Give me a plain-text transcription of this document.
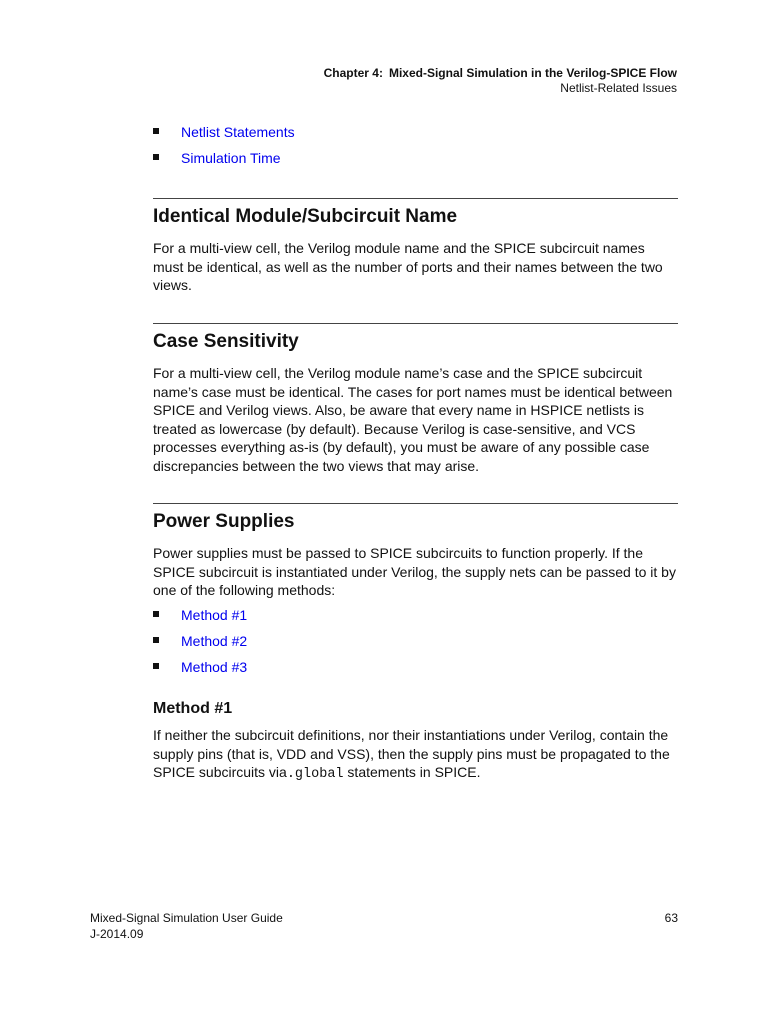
Chapter 4: Mixed-Signal Simulation in the Verilog-SPICE Flow
Netlist-Related Issues
Netlist Statements
Simulation Time
Identical Module/Subcircuit Name

For a multi-view cell, the Verilog module name and the SPICE subcircuit names must be identical, as well as the number of ports and their names between the two views.

Case Sensitivity

For a multi-view cell, the Verilog module name’s case and the SPICE subcircuit name’s case must be identical. The cases for port names must be identical between SPICE and Verilog views. Also, be aware that every name in HSPICE netlists is treated as lowercase (by default). Because Verilog is case-sensitive, and VCS processes everything as-is (by default), you must be aware of any possible case discrepancies between the two views that may arise.

Power Supplies

Power supplies must be passed to SPICE subcircuits to function properly. If the SPICE subcircuit is instantiated under Verilog, the supply nets can be passed to it by one of the following methods:

Method #1
Method #2
Method #3
Method #1

If neither the subcircuit definitions, nor their instantiations under Verilog, contain the supply pins (that is, VDD and VSS), then the supply pins must be propagated to the SPICE subcircuits via.global statements in SPICE.

Mixed-Signal Simulation User Guide
J-2014.09
63
